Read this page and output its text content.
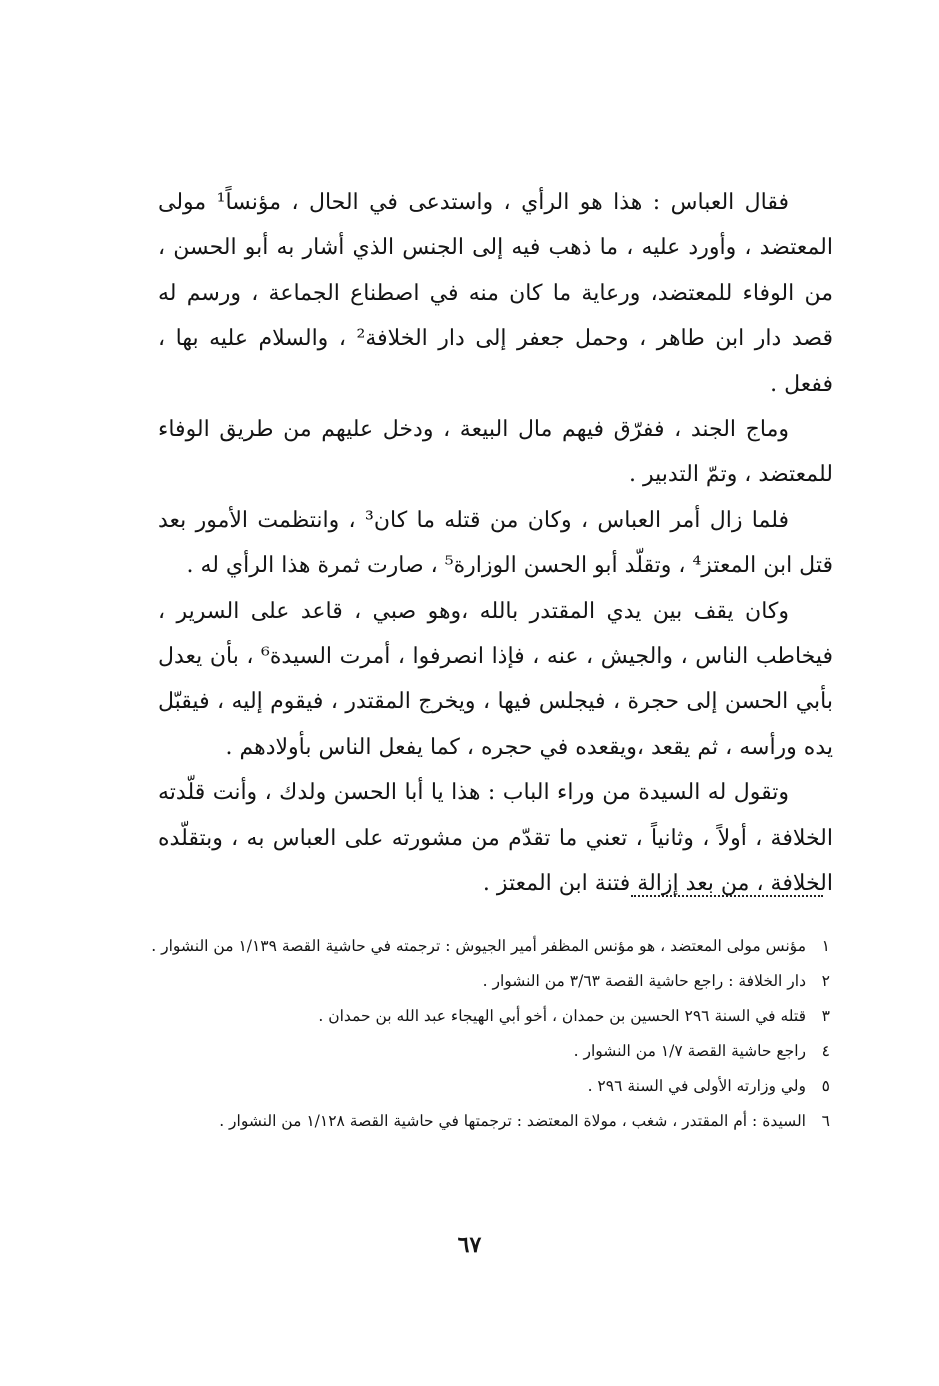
فقال العباس : هذا هو الرأي ، واستدعى في الحال ، مؤنساً¹ مولى المعتضد ، وأورد عليه ، ما ذهب فيه إلى الجنس الذي أشار به أبو الحسن ، من الوفاء للمعتضد، ورعاية ما كان منه في اصطناع الجماعة ، ورسم له قصد دار ابن طاهر ، وحمل جعفر إلى دار الخلافة² ، والسلام عليه بها ، ففعل .

وماج الجند ، ففرّق فيهم مال البيعة ، ودخل عليهم من طريق الوفاء للمعتضد ، وتمّ التدبير .

فلما زال أمر العباس ، وكان من قتله ما كان³ ، وانتظمت الأمور بعد قتل ابن المعتز⁴ ، وتقلّد أبو الحسن الوزارة⁵ ، صارت ثمرة هذا الرأي له .

وكان يقف بين يدي المقتدر بالله ،وهو صبي ، قاعد على السرير ، فيخاطب الناس ، والجيش ، عنه ، فإذا انصرفوا ، أمرت السيدة⁶ ، بأن يعدل بأبي الحسن إلى حجرة ، فيجلس فيها ، ويخرج المقتدر ، فيقوم إليه ، فيقبّل يده ورأسه ، ثم يقعد ،ويقعده في حجره ، كما يفعل الناس بأولادهم .

وتقول له السيدة من وراء الباب : هذا يا أبا الحسن ولدك ، وأنت قلّدته الخلافة ، أولاً ، وثانياً ، تعني ما تقدّم من مشورته على العباس به ، وبتقلّده الخلافة ، من بعد إزالة فتنة ابن المعتز .

١
مؤنس مولى المعتضد ، هو مؤنس المظفر أمير الجيوش : ترجمته في حاشية القصة ١/١٣٩ من النشوار .
٢
دار الخلافة : راجع حاشية القصة ٣/٦٣ من النشوار .
٣
قتله في السنة ٢٩٦ الحسين بن حمدان ، أخو أبي الهيجاء عبد الله بن حمدان .
٤
راجع حاشية القصة ١/٧ من النشوار .
٥
ولي وزارته الأولى في السنة ٢٩٦ .
٦
السيدة : أم المقتدر ، شغب ، مولاة المعتضد : ترجمتها في حاشية القصة ١/١٢٨ من النشوار .
٦٧
